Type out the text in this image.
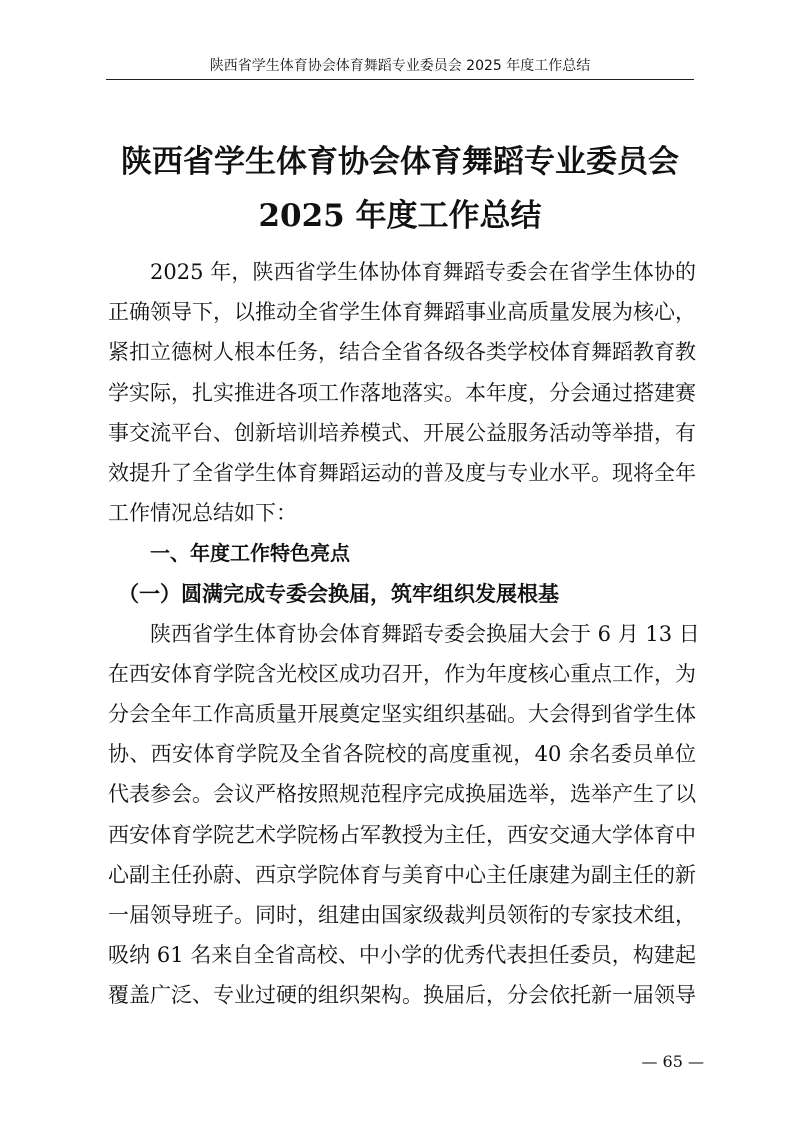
陕西省学生体育协会体育舞蹈专业委员会 2025 年度工作总结
陕西省学生体育协会体育舞蹈专业委员会
2025 年度工作总结
2025 年，陕西省学生体协体育舞蹈专委会在省学生体协的
正确领导下，以推动全省学生体育舞蹈事业高质量发展为核心，
紧扣立德树人根本任务，结合全省各级各类学校体育舞蹈教育教
学实际，扎实推进各项工作落地落实。本年度，分会通过搭建赛
事交流平台、创新培训培养模式、开展公益服务活动等举措，有
效提升了全省学生体育舞蹈运动的普及度与专业水平。现将全年
工作情况总结如下：
一、年度工作特色亮点
（一）圆满完成专委会换届，筑牢组织发展根基
陕西省学生体育协会体育舞蹈专委会换届大会于 6 月 13 日
在西安体育学院含光校区成功召开，作为年度核心重点工作，为
分会全年工作高质量开展奠定坚实组织基础。大会得到省学生体
协、西安体育学院及全省各院校的高度重视，40 余名委员单位
代表参会。会议严格按照规范程序完成换届选举，选举产生了以
西安体育学院艺术学院杨占军教授为主任，西安交通大学体育中
心副主任孙蔚、西京学院体育与美育中心主任康建为副主任的新
一届领导班子。同时，组建由国家级裁判员领衔的专家技术组，
吸纳 61 名来自全省高校、中小学的优秀代表担任委员，构建起
覆盖广泛、专业过硬的组织架构。换届后，分会依托新一届领导
— 65 —
